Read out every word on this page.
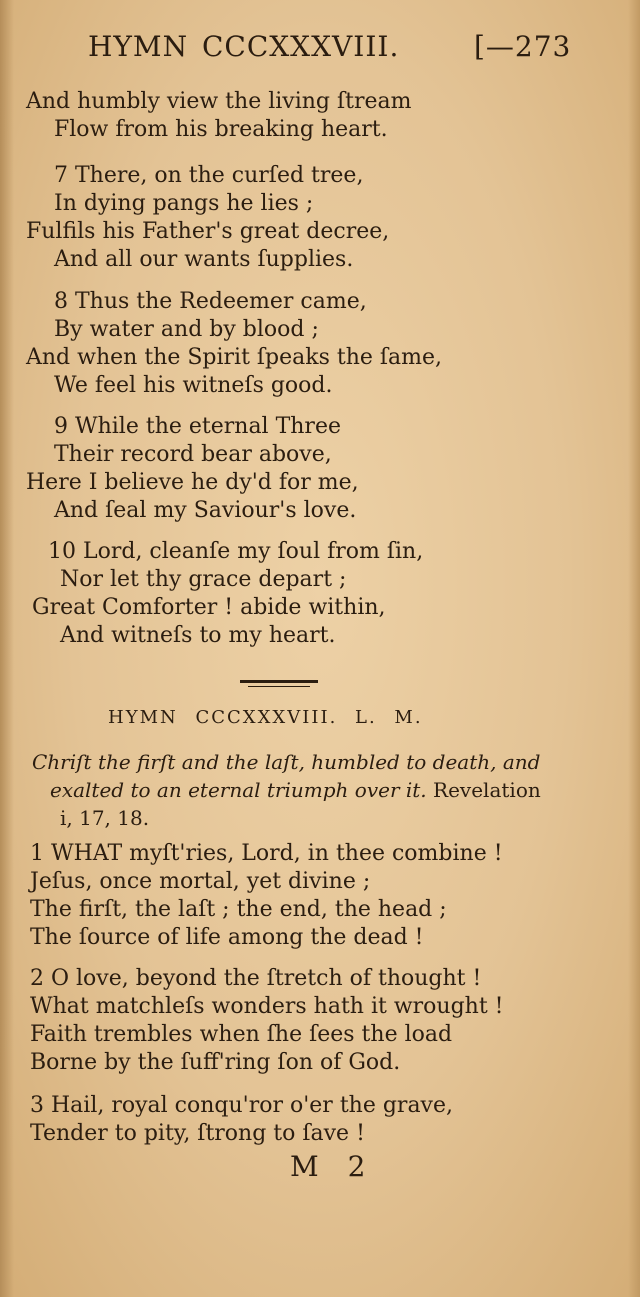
HYMN CCCXXXVIII.	[—273
And humbly view the living ſtream
Flow from his breaking heart.
7 There, on the curſed tree,
In dying pangs he lies ;
Fulfils his Father's great decree,
And all our wants ſupplies.
8 Thus the Redeemer came,
By water and by blood ;
And when the Spirit ſpeaks the ſame,
We feel his witneſs good.
9 While the eternal Three
Their record bear above,
Here I believe he dy'd for me,
And ſeal my Saviour's love.
10 Lord, cleanſe my ſoul from ſin,
Nor let thy grace depart ;
Great Comforter ! abide within,
And witneſs to my heart.
HYMN CCCXXXVIII. L. M.
Chriſt the firſt and the laſt, humbled to death, and
exalted to an eternal triumph over it. Revelation
i, 17, 18.
1 WHAT myſt'ries, Lord, in thee combine !
Jeſus, once mortal, yet divine ;
The firſt, the laſt ; the end, the head ;
The ſource of life among the dead !
2 O love, beyond the ſtretch of thought !
What matchleſs wonders hath it wrought !
Faith trembles when ſhe ſees the load
Borne by the ſuff'ring ſon of God.
3 Hail, royal conqu'ror o'er the grave,
Tender to pity, ſtrong to ſave !
M 2
